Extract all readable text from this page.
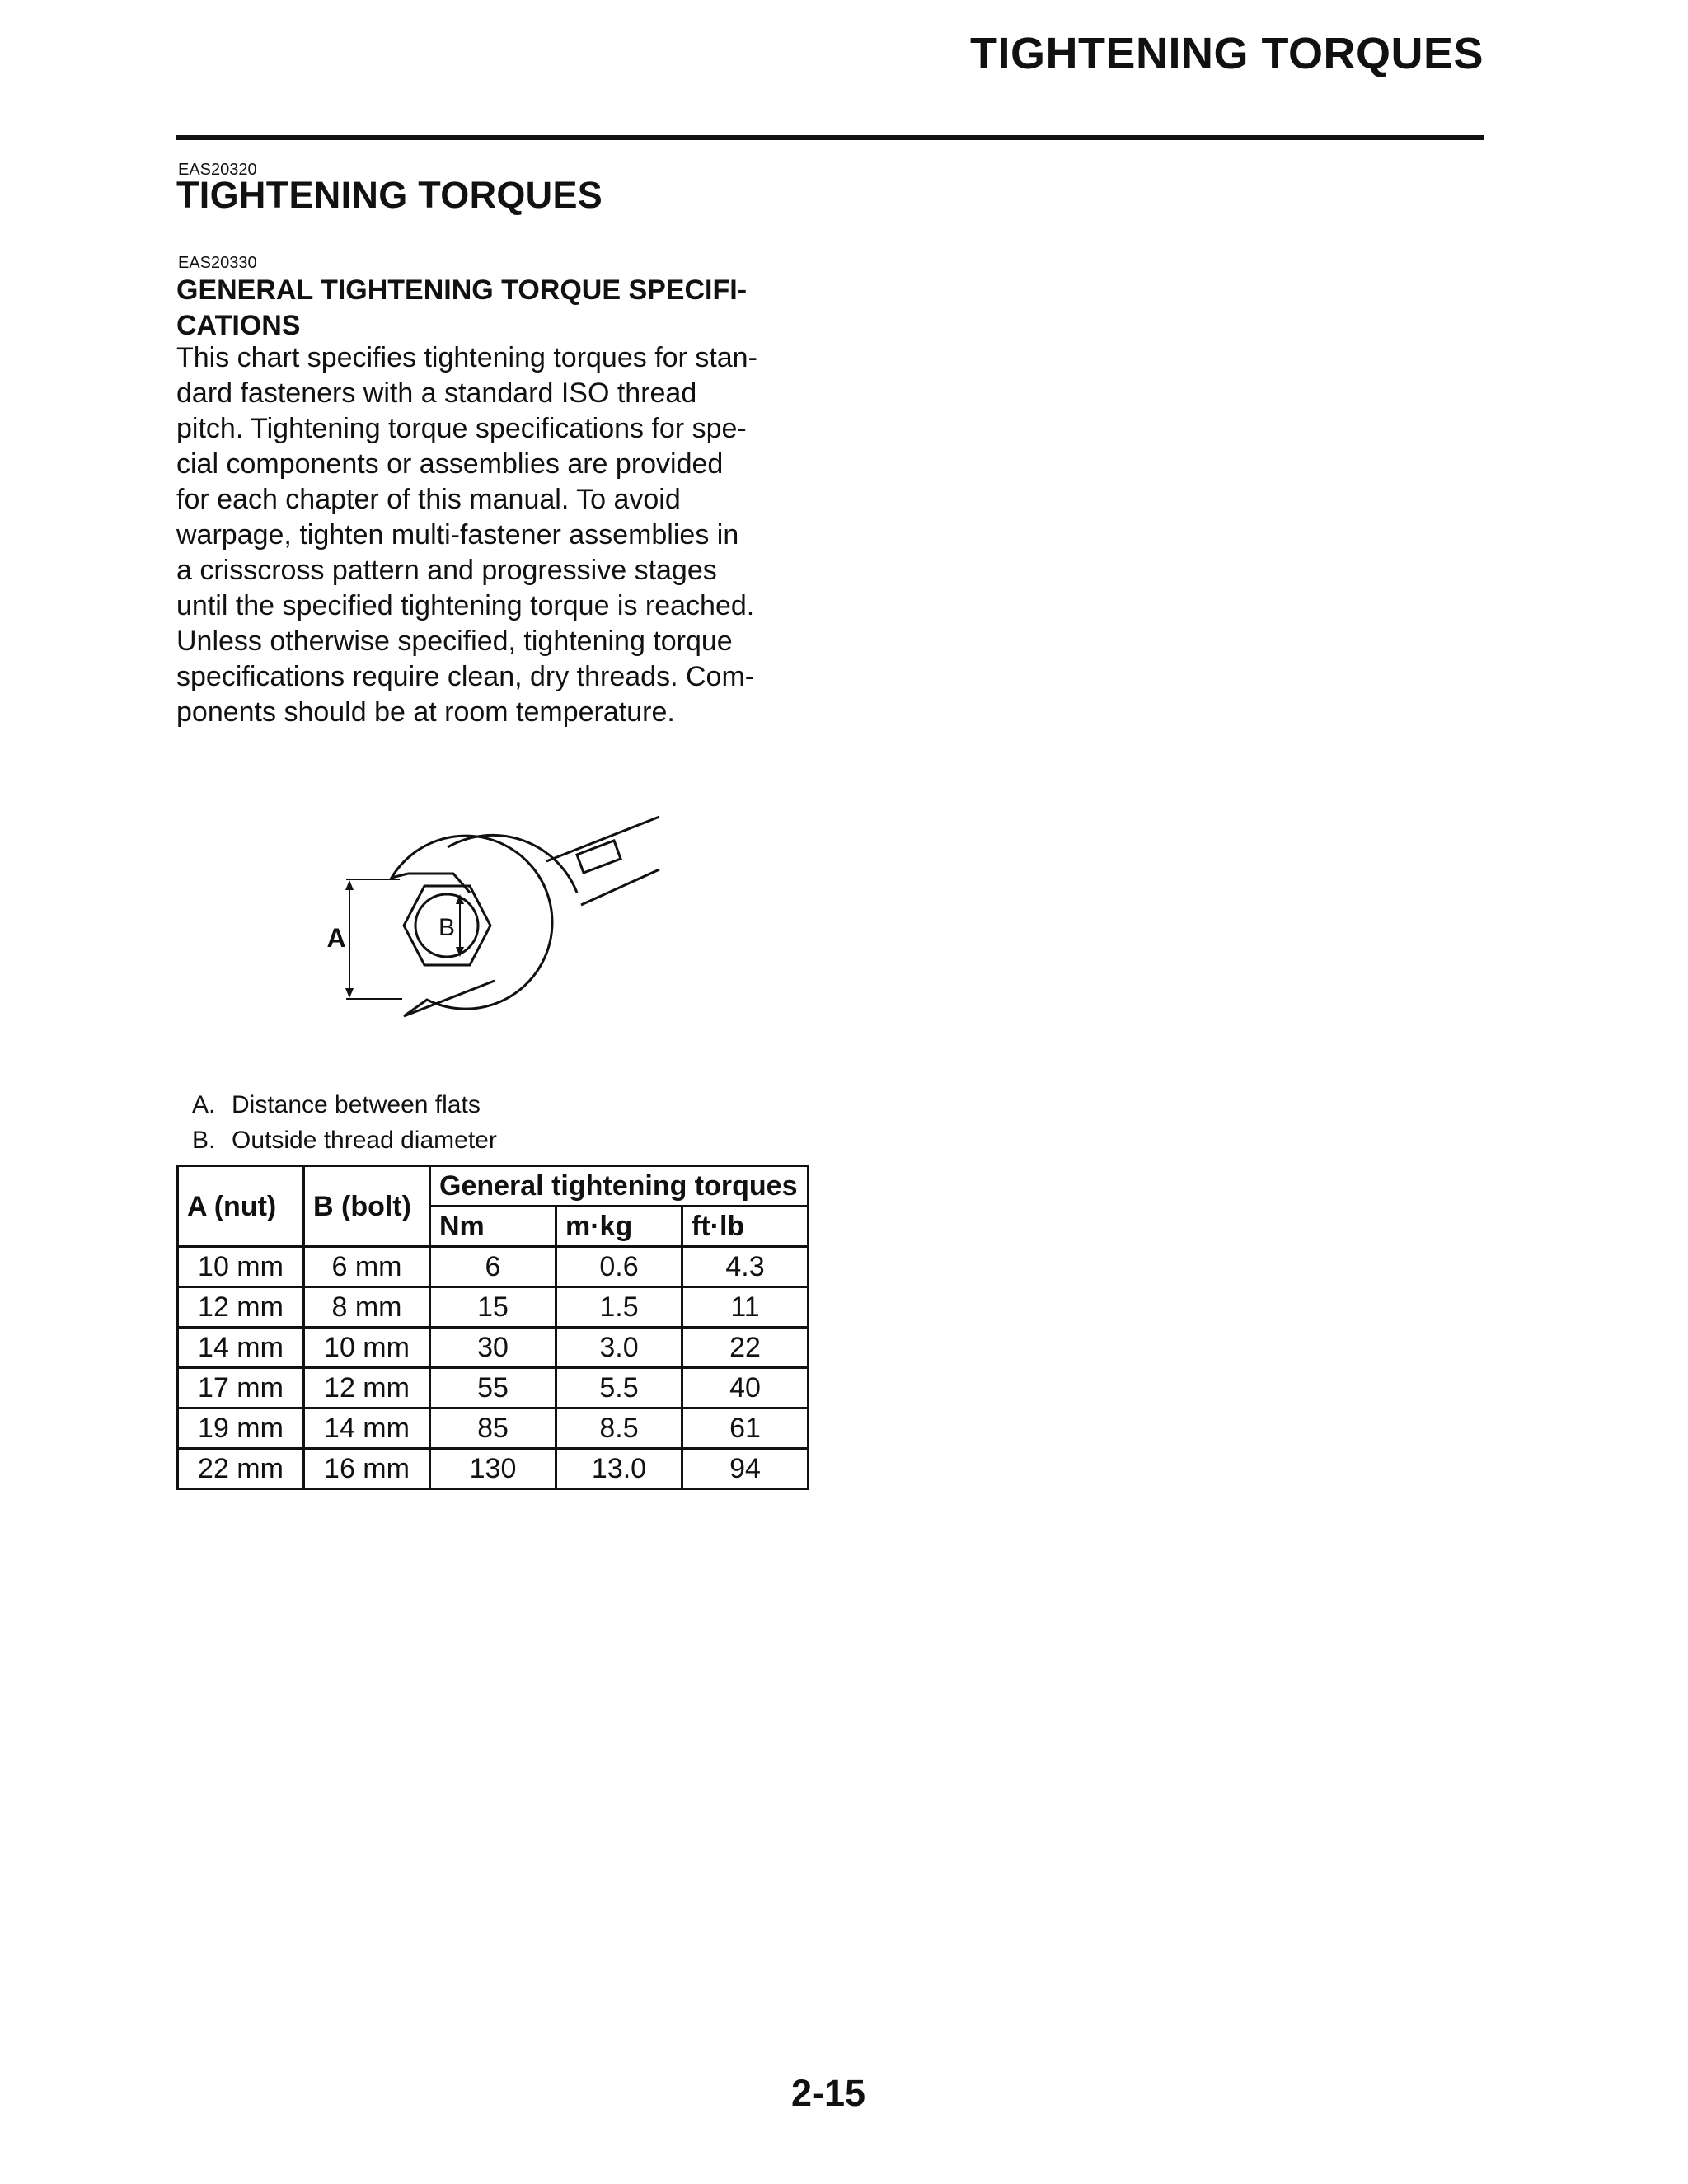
TIGHTENING TORQUES
EAS20320
TIGHTENING TORQUES
EAS20330
GENERAL TIGHTENING TORQUE SPECIFI-
CATIONS
This chart specifies tightening torques for stan-
dard fasteners with a standard ISO thread
pitch. Tightening torque specifications for spe-
cial components or assemblies are provided
for each chapter of this manual. To avoid
warpage, tighten multi-fastener assemblies in
a crisscross pattern and progressive stages
until the specified tightening torque is reached.
Unless otherwise specified, tightening torque
specifications require clean, dry threads. Com-
ponents should be at room temperature.
B
A
A. Distance between flats
B. Outside thread diameter
A (nut)	B (bolt)	General tightening torques		
		Nm	m·kg	ft·lb
10 mm	6 mm	6	0.6	4.3
12 mm	8 mm	15	1.5	11
14 mm	10 mm	30	3.0	22
17 mm	12 mm	55	5.5	40
19 mm	14 mm	85	8.5	61
22 mm	16 mm	130	13.0	94
2-15
